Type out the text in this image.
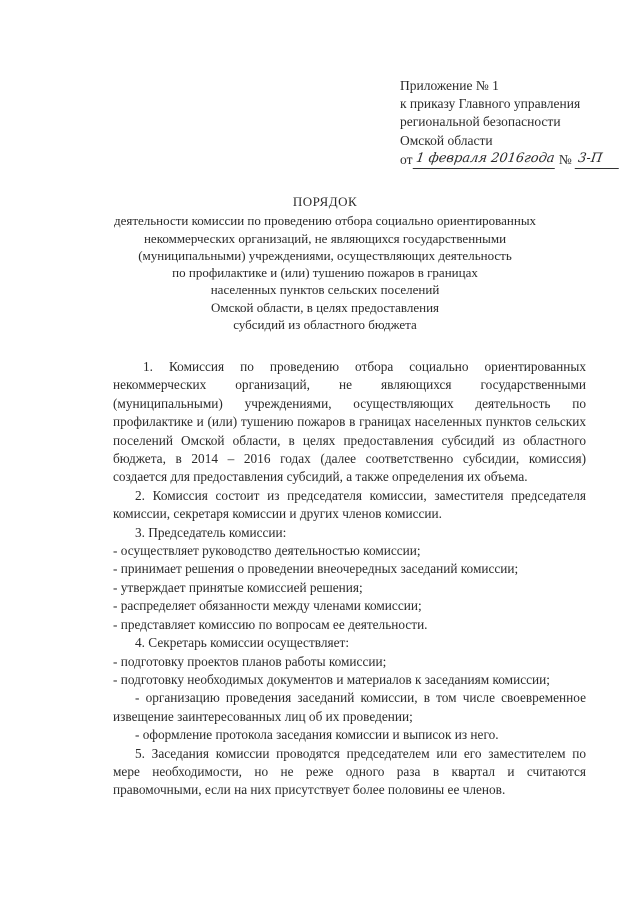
Приложение № 1
к приказу Главного управления
региональной безопасности
Омской области
от 1 февраля 2016года № 3-П
ПОРЯДОК
деятельности комиссии по проведению отбора социально ориентированных
некоммерческих организаций, не являющихся государственными
(муниципальными) учреждениями, осуществляющих деятельность
по профилактике и (или) тушению пожаров в границах
населенных пунктов сельских поселений
Омской области, в целях предоставления
субсидий из областного бюджета

1. Комиссия по проведению отбора социально ориентированных некоммерческих организаций, не являющихся государственными (муниципальными) учреждениями, осуществляющих деятельность по профилактике и (или) тушению пожаров в границах населенных пунктов сельских поселений Омской области, в целях предоставления субсидий из областного бюджета, в 2014 – 2016 годах (далее соответственно субсидии, комиссия) создается для предоставления субсидий, а также определения их объема.

2. Комиссия состоит из председателя комиссии, заместителя председателя комиссии, секретаря комиссии и других членов комиссии.

3. Председатель комиссии:

- осуществляет руководство деятельностью комиссии;

- принимает решения о проведении внеочередных заседаний комиссии;

- утверждает принятые комиссией решения;

- распределяет обязанности между членами комиссии;

- представляет комиссию по вопросам ее деятельности.

4. Секретарь комиссии осуществляет:

- подготовку проектов планов работы комиссии;

- подготовку необходимых документов и материалов к заседаниям комиссии;

- организацию проведения заседаний комиссии, в том числе своевременное извещение заинтересованных лиц об их проведении;

- оформление протокола заседания комиссии и выписок из него.

5. Заседания комиссии проводятся председателем или его заместителем по мере необходимости, но не реже одного раза в квартал и считаются правомочными, если на них присутствует более половины ее членов.
